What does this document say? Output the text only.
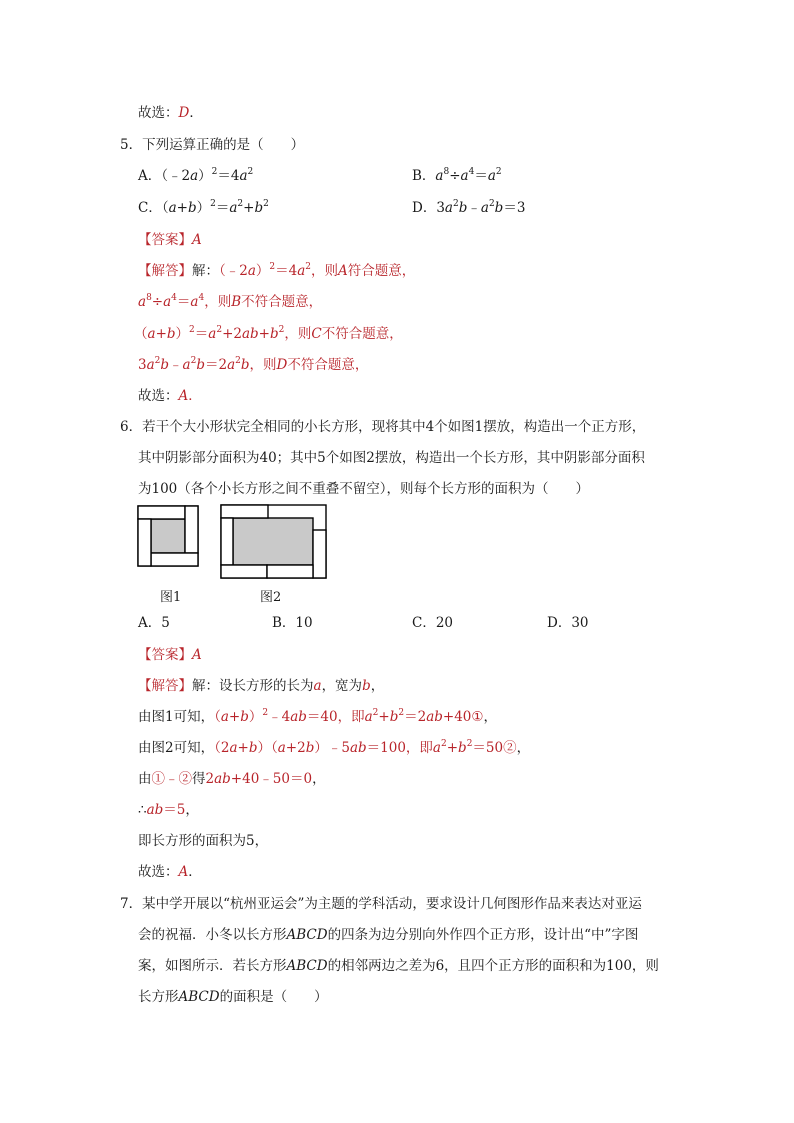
故选：D．
5．下列运算正确的是（　　）
A．$(﹣2a)^2=4a^2$	B．$a^8\div a^4=a^2$
C．$(a+b)^2=a^2+b^2$	D．$3a^2b﹣a^2b=3$
【答案】A
【解答】解：$(﹣2a)^2=4a^2$，则A符合题意，
$a^8\div a^4=a^4$，则B不符合题意，
$(a+b)^2=a^2+2ab+b^2$，则C不符合题意，
$3a^2b﹣a^2b=2a^2b$，则D不符合题意，
故选：A．
6．若干个大小形状完全相同的小长方形，现将其中4个如图1摆放，构造出一个正方形，
其中阴影部分面积为40；其中5个如图2摆放，构造出一个长方形，其中阴影部分面积
为100（各个小长方形之间不重叠不留空），则每个长方形的面积为（　　）
图1	图2
A．5	B．10	C．20	D．30
【答案】A
【解答】解：设长方形的长为a，宽为b，
由图1可知，$(a+b)^2﹣4ab=40$，即$a^2+b^2=2ab+40①$，
由图2可知，（2a+b）（a+2b）﹣5ab＝100，即$a^2+b^2=50②$，
由①﹣②得2ab+40﹣50＝0，
∴ab＝5，
即长方形的面积为5，
故选：A．
7．某中学开展以“杭州亚运会”为主题的学科活动，要求设计几何图形作品来表达对亚运
会的祝福．小冬以长方形ABCD的四条为边分别向外作四个正方形，设计出“中”字图
案，如图所示．若长方形ABCD的相邻两边之差为6，且四个正方形的面积和为100，则
长方形ABCD的面积是（　　）
